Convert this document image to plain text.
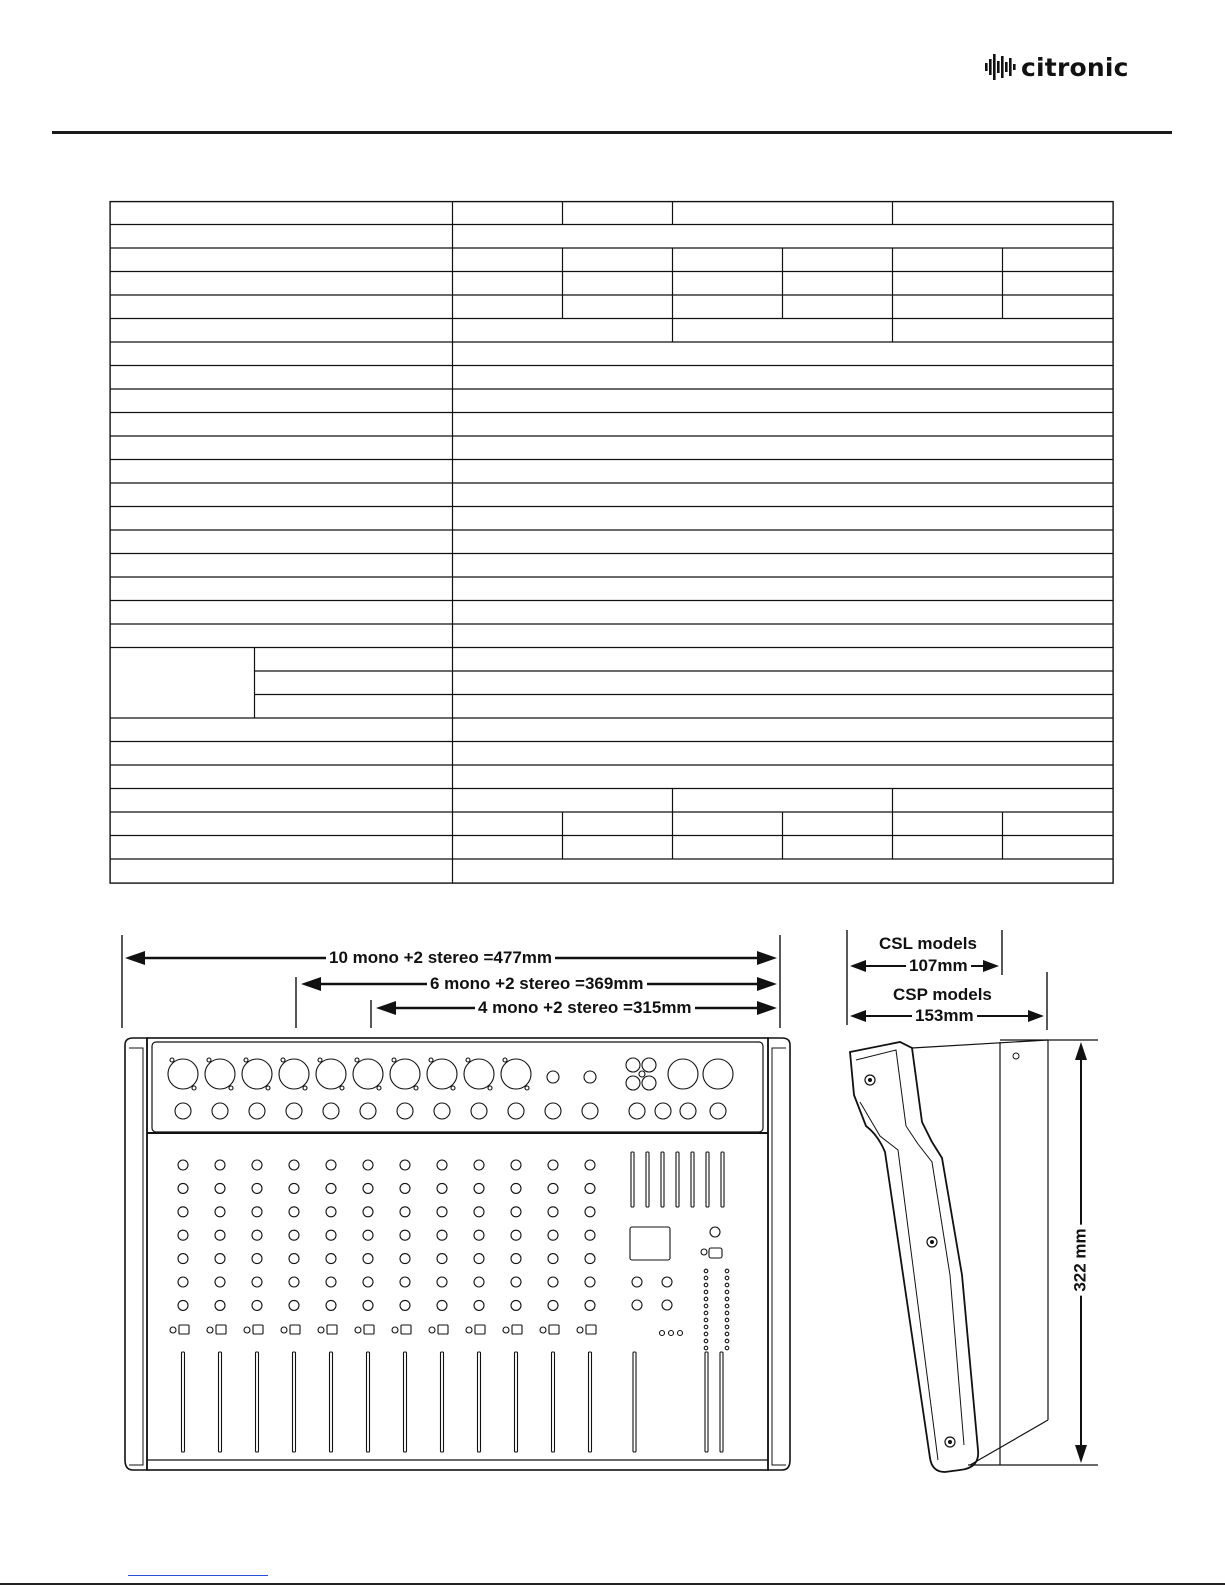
citronic
10 mono +2 stereo =477mm
6 mono +2 stereo =369mm
4 mono +2 stereo =315mm
CSL models
107mm
CSP models
153mm
322 mm
